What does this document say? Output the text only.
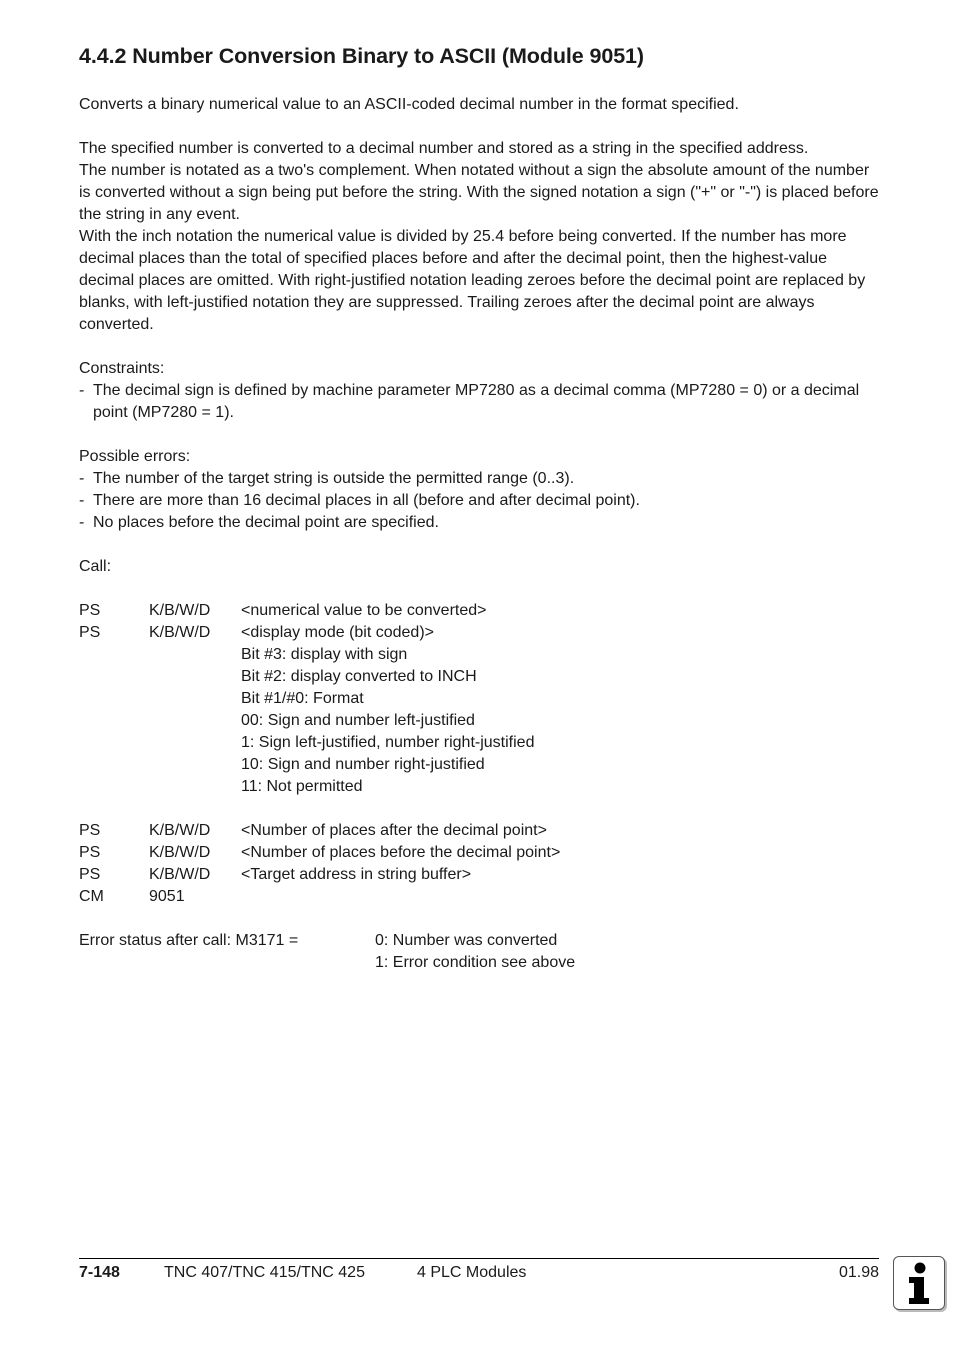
4.4.2 Number Conversion Binary to ASCII (Module 9051)

Converts a binary numerical value to an ASCII-coded decimal number in the format specified.

The specified number is converted to a decimal number and stored as a string in the specified address.

The number is notated as a two's complement. When notated without a sign the absolute amount of the number is converted without a sign being put before the string. With the signed notation a sign ("+" or "-") is placed before the string in any event.

With the inch notation the numerical value is divided by 25.4 before being converted. If the number has more decimal places than the total of specified places before and after the decimal point, then the highest-value decimal places are omitted. With right-justified notation leading zeroes before the decimal point are replaced by blanks, with left-justified notation they are suppressed. Trailing zeroes after the decimal point are always converted.

Constraints:

- The decimal sign is defined by machine parameter MP7280 as a decimal comma (MP7280 = 0) or a decimal point (MP7280 = 1).

Possible errors:

- The number of the target string is outside the permitted range (0..3).
- There are more than 16 decimal places in all (before and after decimal point).
- No places before the decimal point are specified.

Call:

PS	K/B/W/D	<numerical value to be converted>
PS	K/B/W/D	<display mode (bit coded)>
Bit #3: display with sign
Bit #2: display converted to INCH
Bit #1/#0: Format
00: Sign and number left-justified
1: Sign left-justified, number right-justified
10: Sign and number right-justified
11: Not permitted
PS	K/B/W/D	<Number of places after the decimal point>
PS	K/B/W/D	<Number of places before the decimal point>
PS	K/B/W/D	<Target address in string buffer>
CM	9051
Error status after call: M3171 =	0: Number was converted
1: Error condition see above
7-148	TNC 407/TNC 415/TNC 425	4 PLC Modules	01.98
